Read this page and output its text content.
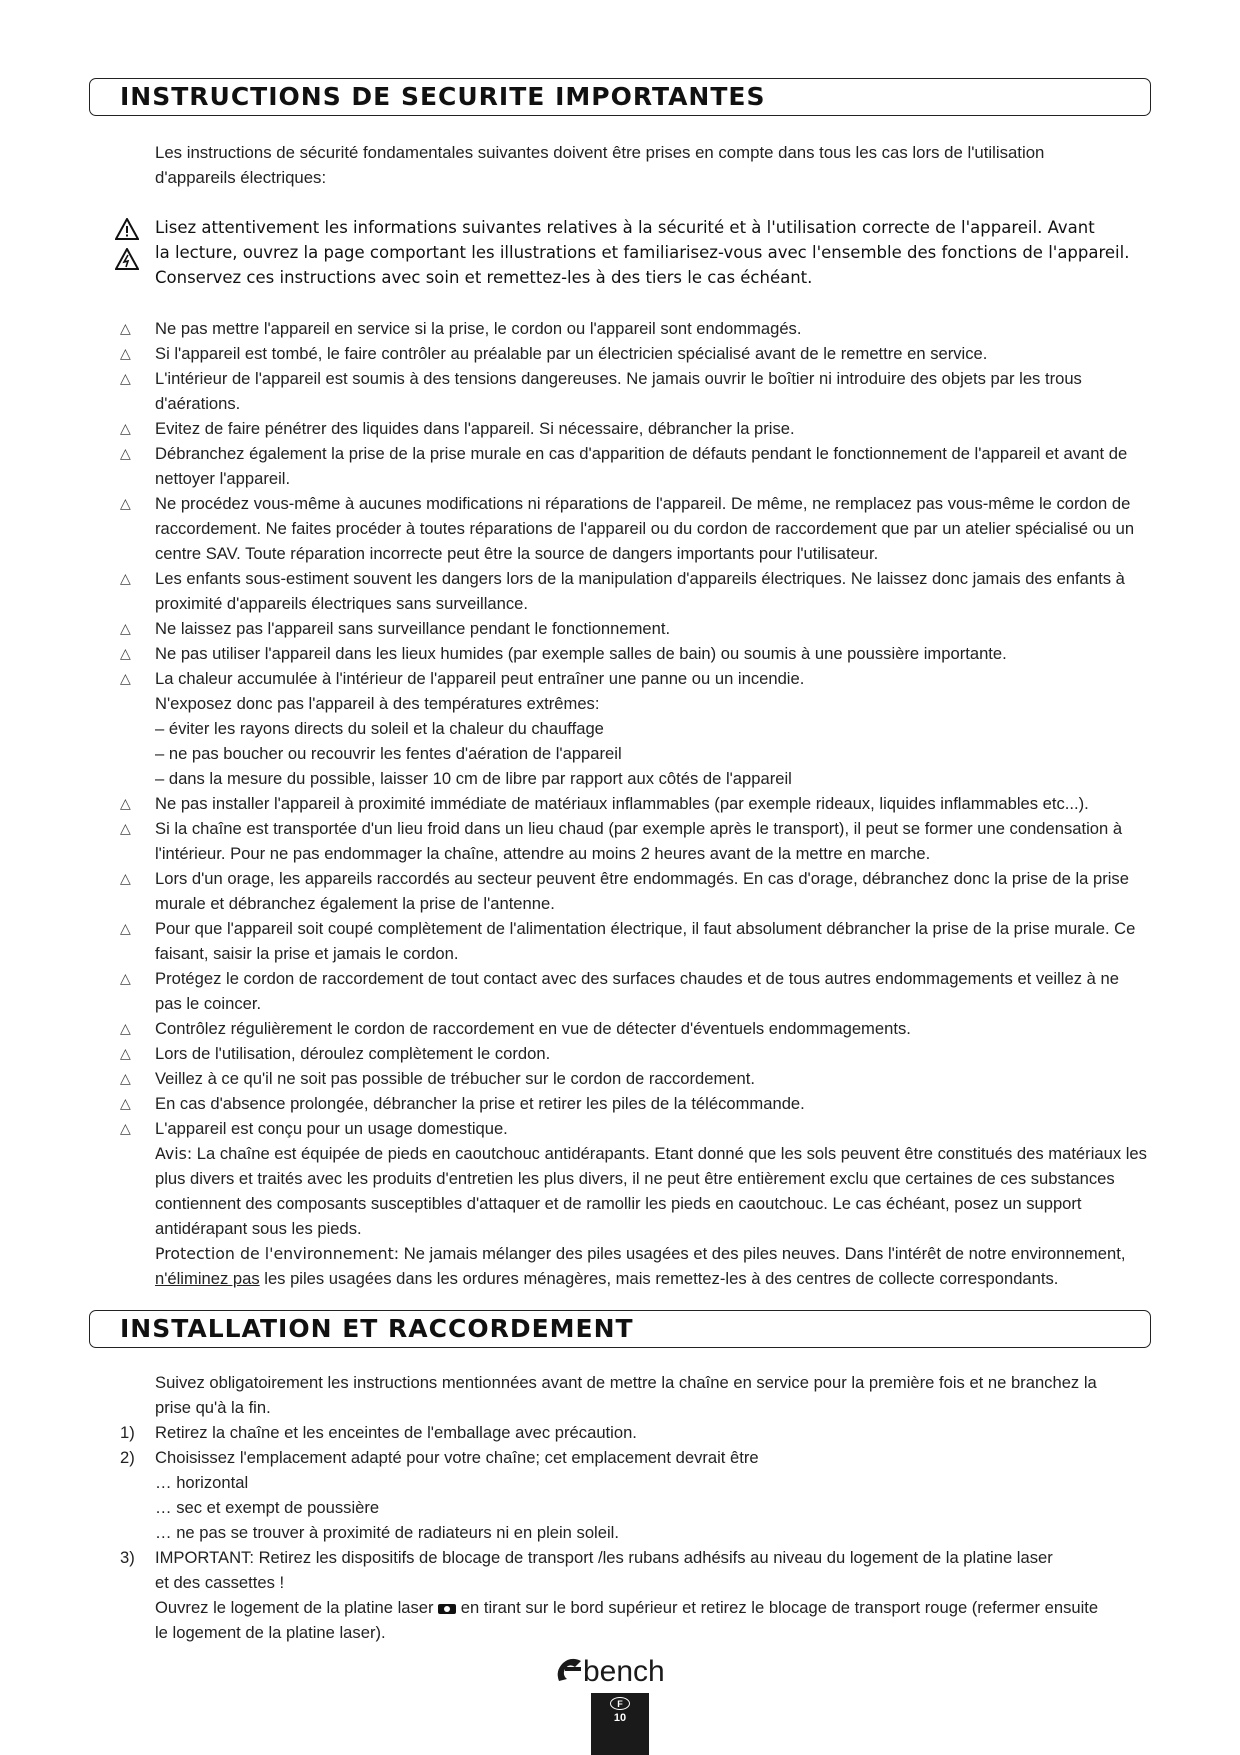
INSTRUCTIONS DE SECURITE IMPORTANTES

Les instructions de sécurité fondamentales suivantes doivent être prises en compte dans tous les cas lors de l'utilisation d'appareils électriques:

Lisez attentivement les informations suivantes relatives à la sécurité et à l'utilisation correcte de l'appareil. Avant

la lecture, ouvrez la page comportant les illustrations et familiarisez-vous avec l'ensemble des fonctions de l'appareil.

Conservez ces instructions avec soin et remettez-les à des tiers le cas échéant.

△ Ne pas mettre l'appareil en service si la prise, le cordon ou l'appareil sont endommagés.
△ Si l'appareil est tombé, le faire contrôler au préalable par un électricien spécialisé avant de le remettre en service.
△ L'intérieur de l'appareil est soumis à des tensions dangereuses. Ne jamais ouvrir le boîtier ni introduire des objets par les trous d'aérations.
△ Evitez de faire pénétrer des liquides dans l'appareil. Si nécessaire, débrancher la prise.
△ Débranchez également la prise de la prise murale en cas d'apparition de défauts pendant le fonctionnement de l'appareil et avant de nettoyer l'appareil.
△ Ne procédez vous-même à aucunes modifications ni réparations de l'appareil. De même, ne remplacez pas vous-même le cordon de raccordement. Ne faites procéder à toutes réparations de l'appareil ou du cordon de raccordement que par un atelier spécialisé ou un centre SAV. Toute réparation incorrecte peut être la source de dangers importants pour l'utilisateur.
△ Les enfants sous-estiment souvent les dangers lors de la manipulation d'appareils électriques. Ne laissez donc jamais des enfants à proximité d'appareils électriques sans surveillance.
△ Ne laissez pas l'appareil sans surveillance pendant le fonctionnement.
△ Ne pas utiliser l'appareil dans les lieux humides (par exemple salles de bain) ou soumis à une poussière importante.
△ La chaleur accumulée à l'intérieur de l'appareil peut entraîner une panne ou un incendie.

N'exposez donc pas l'appareil à des températures extrêmes:

– éviter les rayons directs du soleil et la chaleur du chauffage

– ne pas boucher ou recouvrir les fentes d'aération de l'appareil

– dans la mesure du possible, laisser 10 cm de libre par rapport aux côtés de l'appareil

△ Ne pas installer l'appareil à proximité immédiate de matériaux inflammables (par exemple rideaux, liquides inflammables etc...).
△ Si la chaîne est transportée d'un lieu froid dans un lieu chaud (par exemple après le transport), il peut se former une condensation à l'intérieur. Pour ne pas endommager la chaîne, attendre au moins 2 heures avant de la mettre en marche.
△ Lors d'un orage, les appareils raccordés au secteur peuvent être endommagés. En cas d'orage, débranchez donc la prise de la prise murale et débranchez également la prise de l'antenne.
△ Pour que l'appareil soit coupé complètement de l'alimentation électrique, il faut absolument débrancher la prise de la prise murale. Ce faisant, saisir la prise et jamais le cordon.
△ Protégez le cordon de raccordement de tout contact avec des surfaces chaudes et de tous autres endommagements et veillez à ne pas le coincer.
△ Contrôlez régulièrement le cordon de raccordement en vue de détecter d'éventuels endommagements.
△ Lors de l'utilisation, déroulez complètement le cordon.
△ Veillez à ce qu'il ne soit pas possible de trébucher sur le cordon de raccordement.
△ En cas d'absence prolongée, débrancher la prise et retirer les piles de la télécommande.
△ L'appareil est conçu pour un usage domestique.

Avis: La chaîne est équipée de pieds en caoutchouc antidérapants. Etant donné que les sols peuvent être constitués des matériaux les plus divers et traités avec les produits d'entretien les plus divers, il ne peut être entièrement exclu que certaines de ces substances contiennent des composants susceptibles d'attaquer et de ramollir les pieds en caoutchouc. Le cas échéant, posez un support antidérapant sous les pieds.

Protection de l'environnement: Ne jamais mélanger des piles usagées et des piles neuves. Dans l'intérêt de notre environnement, n'éliminez pas les piles usagées dans les ordures ménagères, mais remettez-les à des centres de collecte correspondants.

INSTALLATION ET RACCORDEMENT

Suivez obligatoirement les instructions mentionnées avant de mettre la chaîne en service pour la première fois et ne branchez la prise qu'à la fin.

1) Retirez la chaîne et les enceintes de l'emballage avec précaution.
2) Choisissez l'emplacement adapté pour votre chaîne; cet emplacement devrait être

… horizontal

… sec et exempt de poussière

… ne pas se trouver à proximité de radiateurs ni en plein soleil.

3) IMPORTANT: Retirez les dispositifs de blocage de transport /les rubans adhésifs au niveau du logement de la platine laser

et des cassettes !

Ouvrez le logement de la platine laser  en tirant sur le bord supérieur et retirez le blocage de transport rouge (refermer ensuite

le logement de la platine laser).

bench
F
10
